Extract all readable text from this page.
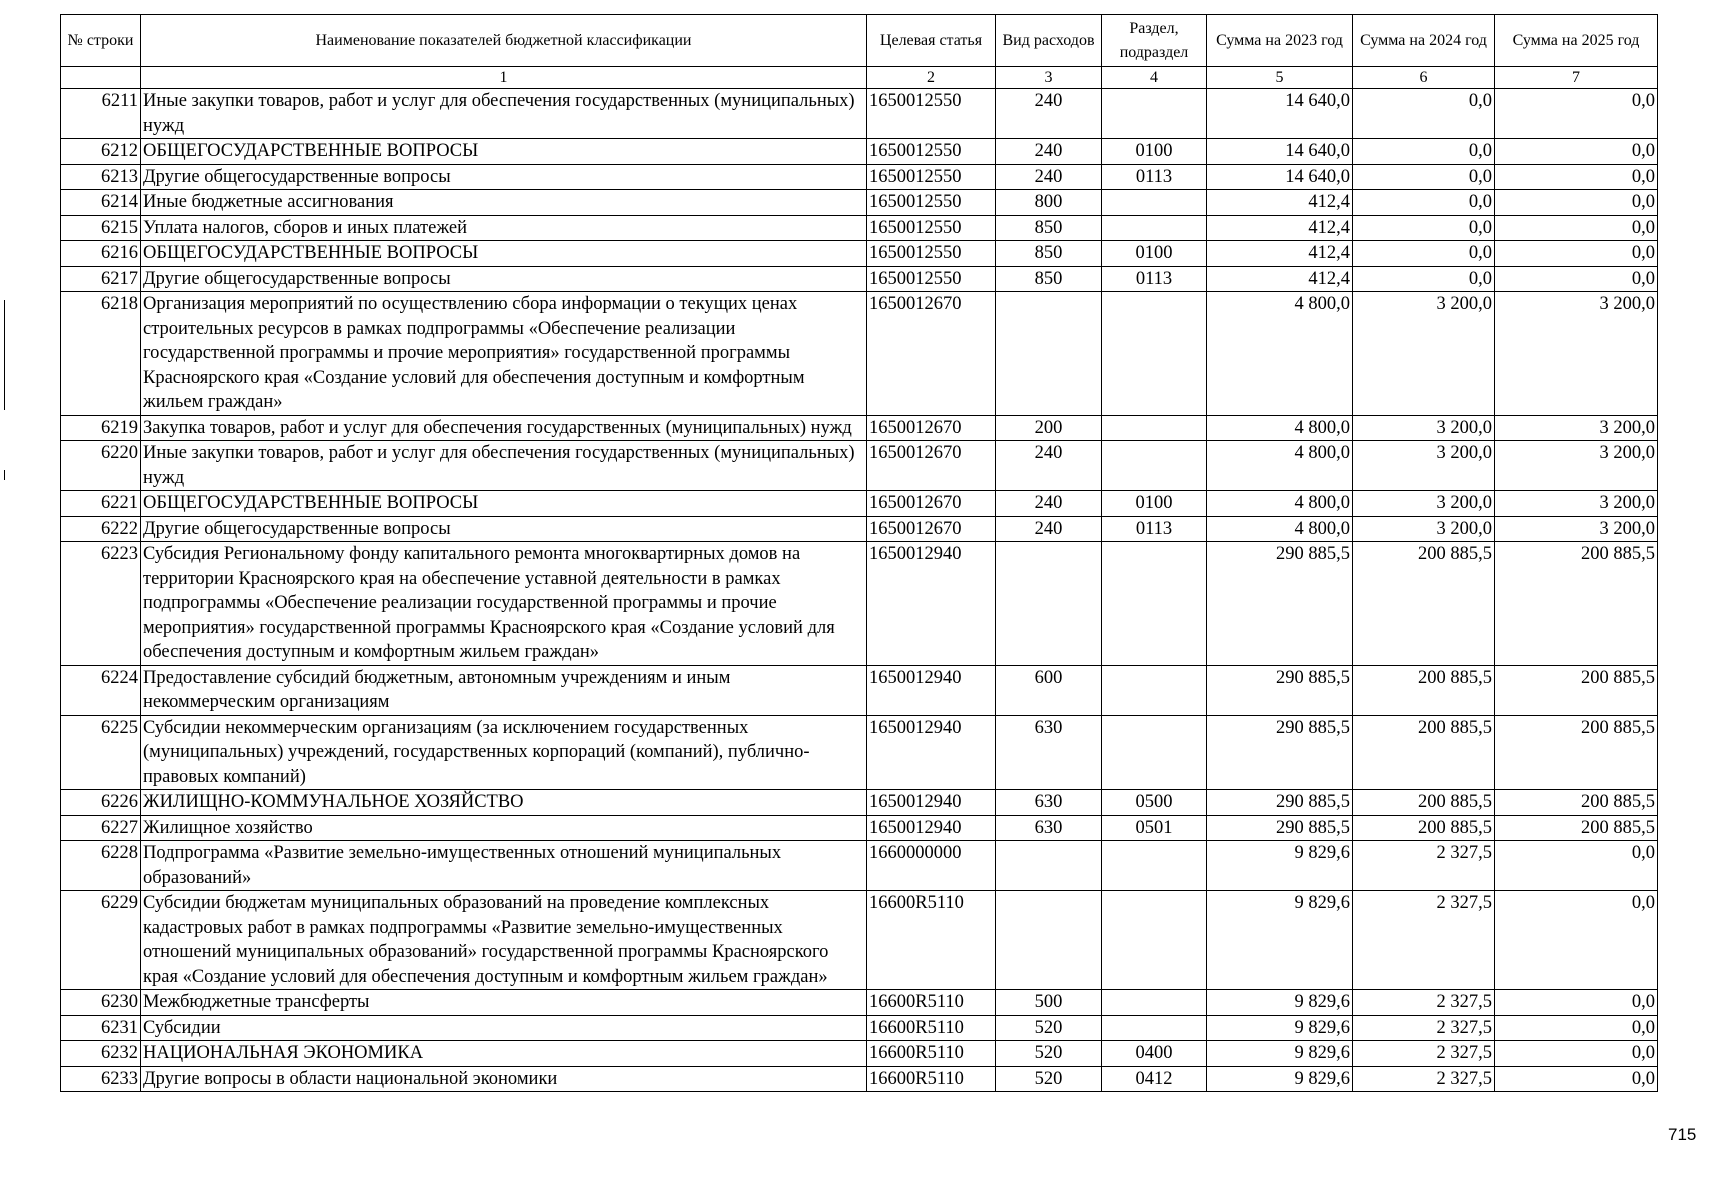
№ строки	Наименование показателей бюджетной классификации	Целевая статья	Вид расходов	Раздел, подраздел	Сумма на 2023 год	Сумма на 2024 год	Сумма на 2025 год
	1	2	3	4	5	6	7
6211	Иные закупки товаров, работ и услуг для обеспечения государственных (муниципальных) нужд	1650012550	240		14 640,0	0,0	0,0
6212	ОБЩЕГОСУДАРСТВЕННЫЕ ВОПРОСЫ	1650012550	240	0100	14 640,0	0,0	0,0
6213	Другие общегосударственные вопросы	1650012550	240	0113	14 640,0	0,0	0,0
6214	Иные бюджетные ассигнования	1650012550	800		412,4	0,0	0,0
6215	Уплата налогов, сборов и иных платежей	1650012550	850		412,4	0,0	0,0
6216	ОБЩЕГОСУДАРСТВЕННЫЕ ВОПРОСЫ	1650012550	850	0100	412,4	0,0	0,0
6217	Другие общегосударственные вопросы	1650012550	850	0113	412,4	0,0	0,0
6218	Организация мероприятий по осуществлению сбора информации о текущих ценах строительных ресурсов в рамках подпрограммы «Обеспечение реализации государственной программы и прочие мероприятия» государственной программы Красноярского края «Создание условий для обеспечения доступным и комфортным жильем граждан»	1650012670			4 800,0	3 200,0	3 200,0
6219	Закупка товаров, работ и услуг для обеспечения государственных (муниципальных) нужд	1650012670	200		4 800,0	3 200,0	3 200,0
6220	Иные закупки товаров, работ и услуг для обеспечения государственных (муниципальных) нужд	1650012670	240		4 800,0	3 200,0	3 200,0
6221	ОБЩЕГОСУДАРСТВЕННЫЕ ВОПРОСЫ	1650012670	240	0100	4 800,0	3 200,0	3 200,0
6222	Другие общегосударственные вопросы	1650012670	240	0113	4 800,0	3 200,0	3 200,0
6223	Субсидия Региональному фонду капитального ремонта многоквартирных домов на территории Красноярского края на обеспечение уставной деятельности в рамках подпрограммы «Обеспечение реализации государственной программы и прочие мероприятия» государственной программы Красноярского края «Создание условий для обеспечения доступным и комфортным жильем граждан»	1650012940			290 885,5	200 885,5	200 885,5
6224	Предоставление субсидий бюджетным, автономным учреждениям и иным некоммерческим организациям	1650012940	600		290 885,5	200 885,5	200 885,5
6225	Субсидии некоммерческим организациям (за исключением государственных (муниципальных) учреждений, государственных корпораций (компаний), публично-правовых компаний)	1650012940	630		290 885,5	200 885,5	200 885,5
6226	ЖИЛИЩНО-КОММУНАЛЬНОЕ ХОЗЯЙСТВО	1650012940	630	0500	290 885,5	200 885,5	200 885,5
6227	Жилищное хозяйство	1650012940	630	0501	290 885,5	200 885,5	200 885,5
6228	Подпрограмма «Развитие земельно-имущественных отношений муниципальных образований»	1660000000			9 829,6	2 327,5	0,0
6229	Субсидии бюджетам муниципальных образований на проведение комплексных кадастровых работ в рамках подпрограммы «Развитие земельно-имущественных отношений муниципальных образований» государственной программы Красноярского края «Создание условий для обеспечения доступным и комфортным жильем граждан»	16600R5110			9 829,6	2 327,5	0,0
6230	Межбюджетные трансферты	16600R5110	500		9 829,6	2 327,5	0,0
6231	Субсидии	16600R5110	520		9 829,6	2 327,5	0,0
6232	НАЦИОНАЛЬНАЯ ЭКОНОМИКА	16600R5110	520	0400	9 829,6	2 327,5	0,0
6233	Другие вопросы в области национальной экономики	16600R5110	520	0412	9 829,6	2 327,5	0,0
715
